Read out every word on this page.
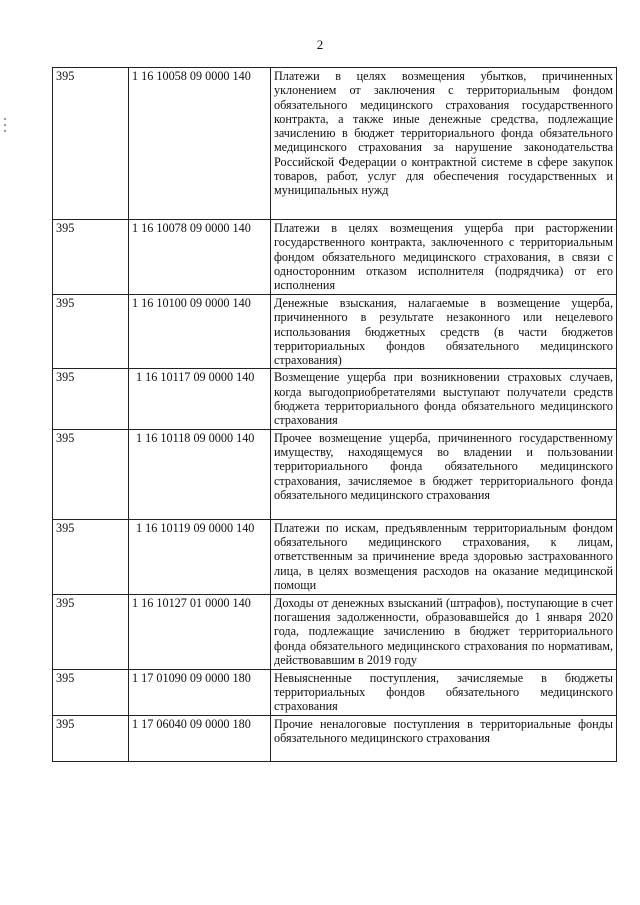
2
395	1 16 10058 09 0000 140	Платежи в целях возмещения убытков, причиненных уклонением от заключения с территориальным фондом обязательного медицинского страхования государственного контракта, а также иные денежные средства, подлежащие зачислению в бюджет территориального фонда обязательного медицинского страхования за нарушение законодательства Российской Федерации о контрактной системе в сфере закупок товаров, работ, услуг для обеспечения государственных и муниципальных нужд
395	1 16 10078 09 0000 140	Платежи в целях возмещения ущерба при расторжении государственного контракта, заключенного с территориальным фондом обязательного медицинского страхования, в связи с односторонним отказом исполнителя (подрядчика) от его исполнения
395	1 16 10100 09 0000 140	Денежные взыскания, налагаемые в возмещение ущерба, причиненного в результате незаконного или нецелевого использования бюджетных средств (в части бюджетов территориальных фондов обязательного медицинского страхования)
395	1 16 10117 09 0000 140	Возмещение ущерба при возникновении страховых случаев, когда выгодоприобретателями выступают получатели средств бюджета территориального фонда обязательного медицинского страхования
395	1 16 10118 09 0000 140	Прочее возмещение ущерба, причиненного государственному имуществу, находящемуся во владении и пользовании территориального фонда обязательного медицинского страхования, зачисляемое в бюджет территориального фонда обязательного медицинского страхования
395	1 16 10119 09 0000 140	Платежи по искам, предъявленным территориальным фондом обязательного медицинского страхования, к лицам, ответственным за причинение вреда здоровью застрахованного лица, в целях возмещения расходов на оказание медицинской помощи
395	1 16 10127 01 0000 140	Доходы от денежных взысканий (штрафов), поступающие в счет погашения задолженности, образовавшейся до 1 января 2020 года, подлежащие зачислению в бюджет территориального фонда обязательного медицинского страхования по нормативам, действовавшим в 2019 году
395	1 17 01090 09 0000 180	Невыясненные поступления, зачисляемые в бюджеты территориальных фондов обязательного медицинского страхования
395	1 17 06040 09 0000 180	Прочие неналоговые поступления в территориальные фонды обязательного медицинского страхования
